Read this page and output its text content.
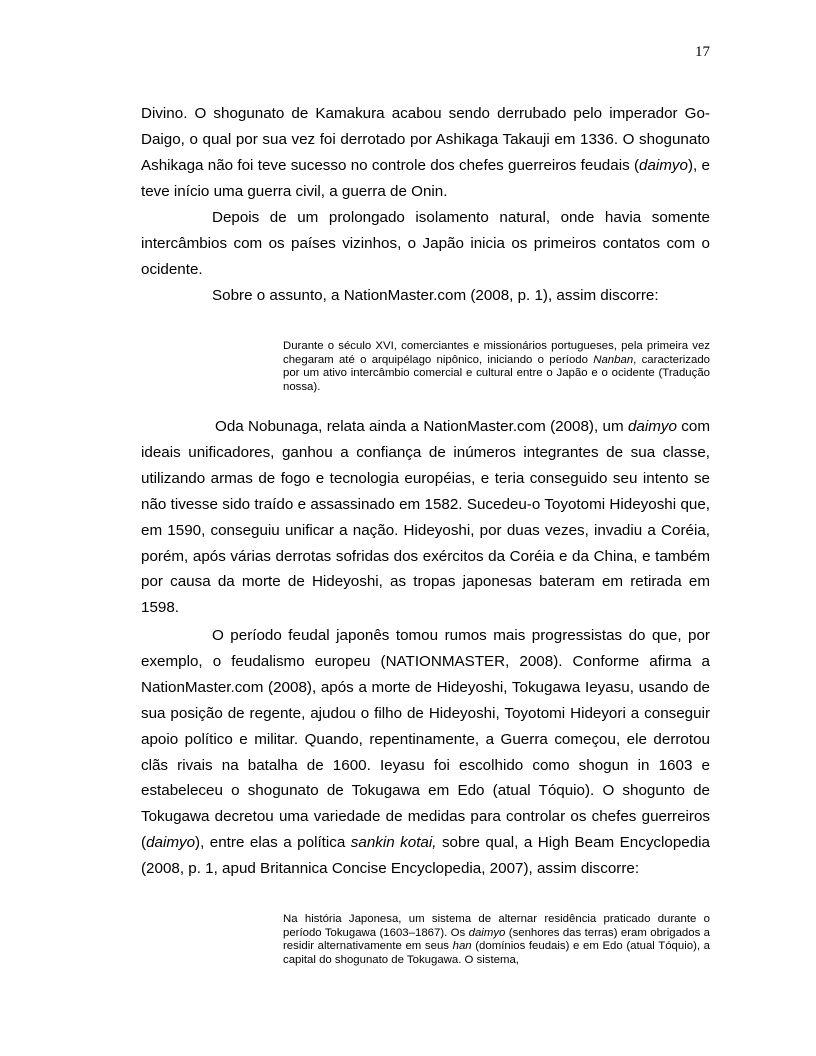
17

Divino. O shogunato de Kamakura acabou sendo derrubado pelo imperador Go-Daigo, o qual por sua vez foi derrotado por Ashikaga Takauji em 1336. O shogunato Ashikaga não foi teve sucesso no controle dos chefes guerreiros feudais (daimyo), e teve início uma guerra civil, a guerra de Onin.

Depois de um prolongado isolamento natural, onde havia somente intercâmbios com os países vizinhos, o Japão inicia os primeiros contatos com o ocidente.

Sobre o assunto, a NationMaster.com (2008, p. 1), assim discorre:

Durante o século XVI, comerciantes e missionários portugueses, pela primeira vez chegaram até o arquipélago nipônico, iniciando o período Nanban, caracterizado por um ativo intercâmbio comercial e cultural entre o Japão e o ocidente (Tradução nossa).

Oda Nobunaga, relata ainda a NationMaster.com (2008), um daimyo com ideais unificadores, ganhou a confiança de inúmeros integrantes de sua classe, utilizando armas de fogo e tecnologia européias, e teria conseguido seu intento se não tivesse sido traído e assassinado em 1582. Sucedeu-o Toyotomi Hideyoshi que, em 1590, conseguiu unificar a nação. Hideyoshi, por duas vezes, invadiu a Coréia, porém, após várias derrotas sofridas dos exércitos da Coréia e da China, e também por causa da morte de Hideyoshi, as tropas japonesas bateram em retirada em 1598.

O período feudal japonês tomou rumos mais progressistas do que, por exemplo, o feudalismo europeu (NATIONMASTER, 2008). Conforme afirma a NationMaster.com (2008), após a morte de Hideyoshi, Tokugawa Ieyasu, usando de sua posição de regente, ajudou o filho de Hideyoshi, Toyotomi Hideyori a conseguir apoio político e militar. Quando, repentinamente, a Guerra começou, ele derrotou clãs rivais na batalha de 1600. Ieyasu foi escolhido como shogun in 1603 e estabeleceu o shogunato de Tokugawa em Edo (atual Tóquio). O shogunto de Tokugawa decretou uma variedade de medidas para controlar os chefes guerreiros (daimyo), entre elas a política sankin kotai, sobre qual, a High Beam Encyclopedia (2008, p. 1, apud Britannica Concise Encyclopedia, 2007), assim discorre:

Na história Japonesa, um sistema de alternar residência praticado durante o período Tokugawa (1603–1867). Os daimyo (senhores das terras) eram obrigados a residir alternativamente em seus han (domínios feudais) e em Edo (atual Tóquio), a capital do shogunato de Tokugawa. O sistema,
